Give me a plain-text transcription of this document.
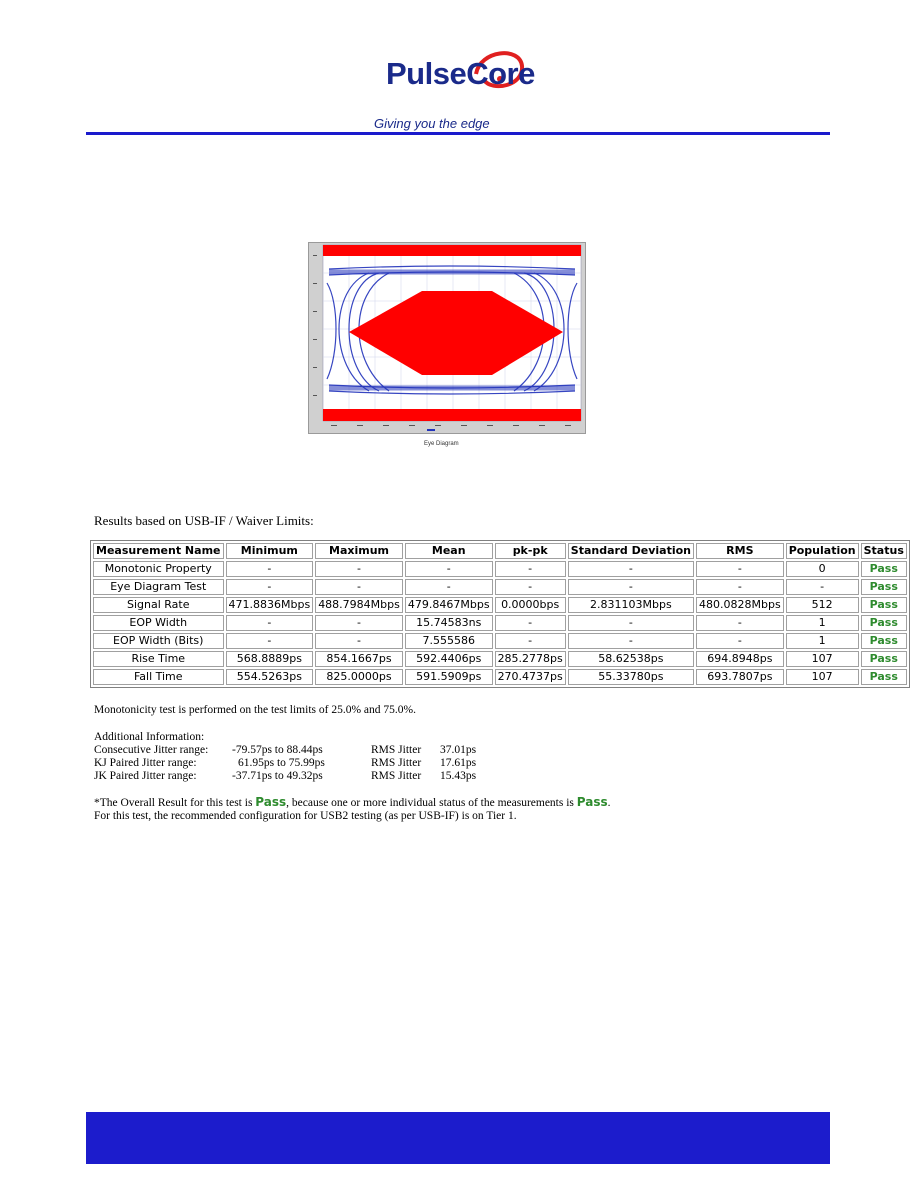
PulseCore
Giving you the edge
Eye Diagram
Results based on USB-IF / Waiver Limits:
Measurement Name	Minimum	Maximum	Mean	pk-pk	Standard Deviation	RMS	Population	Status
Monotonic Property	-	-	-	-	-	-	0	Pass
Eye Diagram Test	-	-	-	-	-	-	-	Pass
Signal Rate	471.8836Mbps	488.7984Mbps	479.8467Mbps	0.0000bps	2.831103Mbps	480.0828Mbps	512	Pass
EOP Width	-	-	15.74583ns	-	-	-	1	Pass
EOP Width (Bits)	-	-	7.555586	-	-	-	1	Pass
Rise Time	568.8889ps	854.1667ps	592.4406ps	285.2778ps	58.62538ps	694.8948ps	107	Pass
Fall Time	554.5263ps	825.0000ps	591.5909ps	270.4737ps	55.33780ps	693.7807ps	107	Pass
Monotonicity test is performed on the test limits of 25.0% and 75.0%.
Additional Information:
Consecutive Jitter range: -79.57ps to 88.44ps	RMS Jitter 37.01ps
KJ Paired Jitter range:	61.95ps to 75.99ps	RMS Jitter 17.61ps
JK Paired Jitter range:	-37.71ps to 49.32ps	RMS Jitter 15.43ps
*The Overall Result for this test is Pass, because one or more individual status of the measurements is Pass.
For this test, the recommended configuration for USB2 testing (as per USB-IF) is on Tier 1.
